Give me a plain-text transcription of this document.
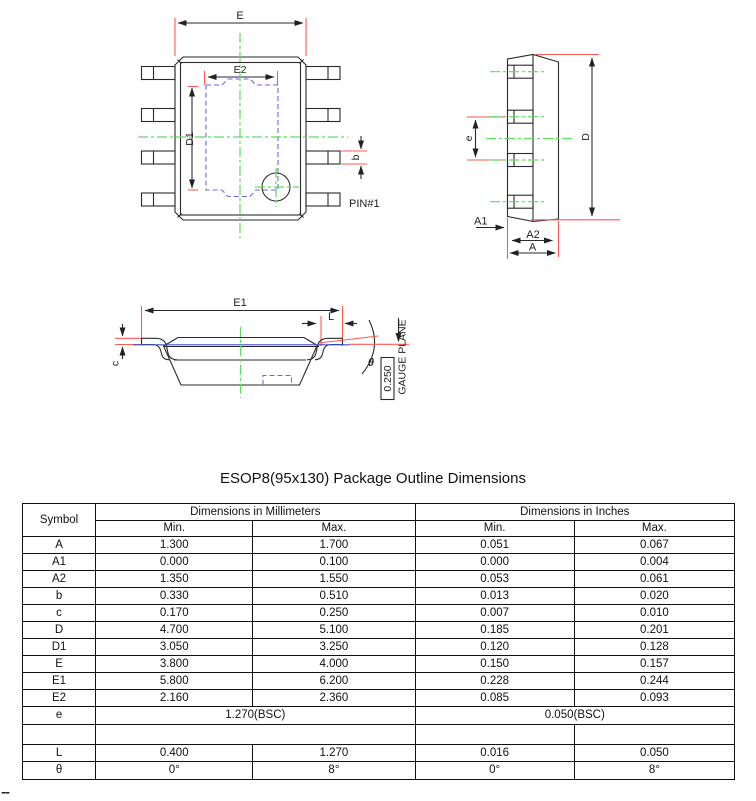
E
E2
D1
b
PIN#1
e	D
A1
A2
A
E1
L
c	θ
0.250 GAUGE PLANE
ESOP8(95x130) Package Outline Dimensions
Symbol	Dimensions in Millimeters		Dimensions in Inches	
	Min.	Max.	Min.	Max.
A	1.300	1.700	0.051	0.067
A1	0.000	0.100	0.000	0.004
A2	1.350	1.550	0.053	0.061
b	0.330	0.510	0.013	0.020
c	0.170	0.250	0.007	0.010
D	4.700	5.100	0.185	0.201
D1	3.050	3.250	0.120	0.128
E	3.800	4.000	0.150	0.157
E1	5.800	6.200	0.228	0.244
E2	2.160	2.360	0.085	0.093
e	1.270(BSC)		0.050(BSC)	

L	0.400	1.270	0.016	0.050
θ	0°	8°	0°	8°
--
